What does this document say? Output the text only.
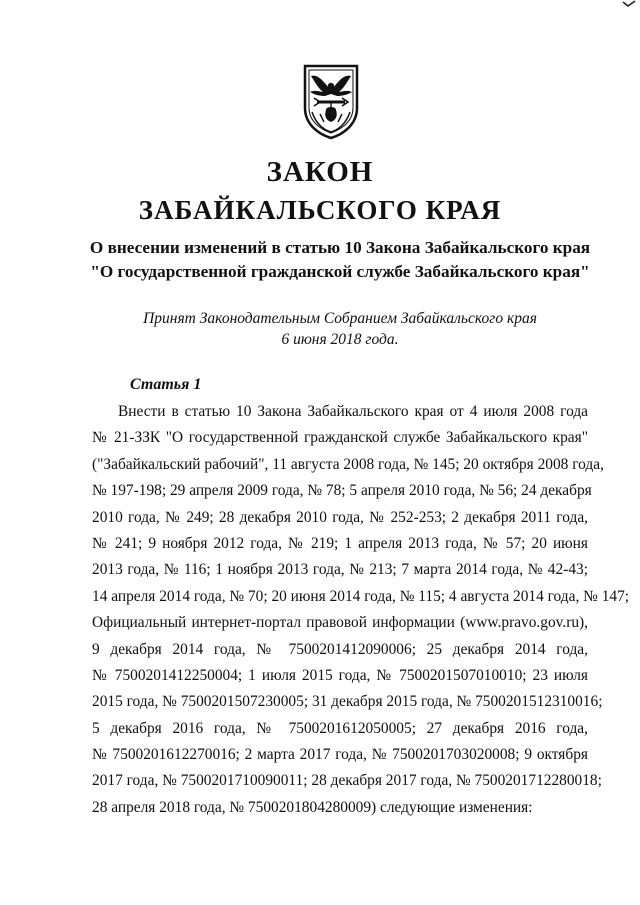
ЗАКОН
ЗАБАЙКАЛЬСКОГО КРАЯ
О внесении изменений в статью 10 Закона Забайкальского края
"О государственной гражданской службе Забайкальского края"
Принят Законодательным Собранием Забайкальского края
6 июня 2018 года.
Статья 1
Внести в статью 10 Закона Забайкальского края от 4 июля 2008 года
№ 21-ЗЗК "О государственной гражданской службе Забайкальского края"
("Забайкальский рабочий", 11 августа 2008 года, № 145; 20 октября 2008 года,
№ 197-198; 29 апреля 2009 года, № 78; 5 апреля 2010 года, № 56; 24 декабря
2010 года, № 249; 28 декабря 2010 года, № 252-253; 2 декабря 2011 года,
№ 241; 9 ноября 2012 года, № 219; 1 апреля 2013 года, № 57; 20 июня
2013 года, № 116; 1 ноября 2013 года, № 213; 7 марта 2014 года, № 42-43;
14 апреля 2014 года, № 70; 20 июня 2014 года, № 115; 4 августа 2014 года, № 147;
Официальный интернет-портал правовой информации (www.pravo.gov.ru),
9 декабря 2014 года, № 7500201412090006; 25 декабря 2014 года,
№ 7500201412250004; 1 июля 2015 года, № 7500201507010010; 23 июля
2015 года, № 7500201507230005; 31 декабря 2015 года, № 7500201512310016;
5 декабря 2016 года, № 7500201612050005; 27 декабря 2016 года,
№ 7500201612270016; 2 марта 2017 года, № 7500201703020008; 9 октября
2017 года, № 7500201710090011; 28 декабря 2017 года, № 7500201712280018;
28 апреля 2018 года, № 7500201804280009) следующие изменения:
